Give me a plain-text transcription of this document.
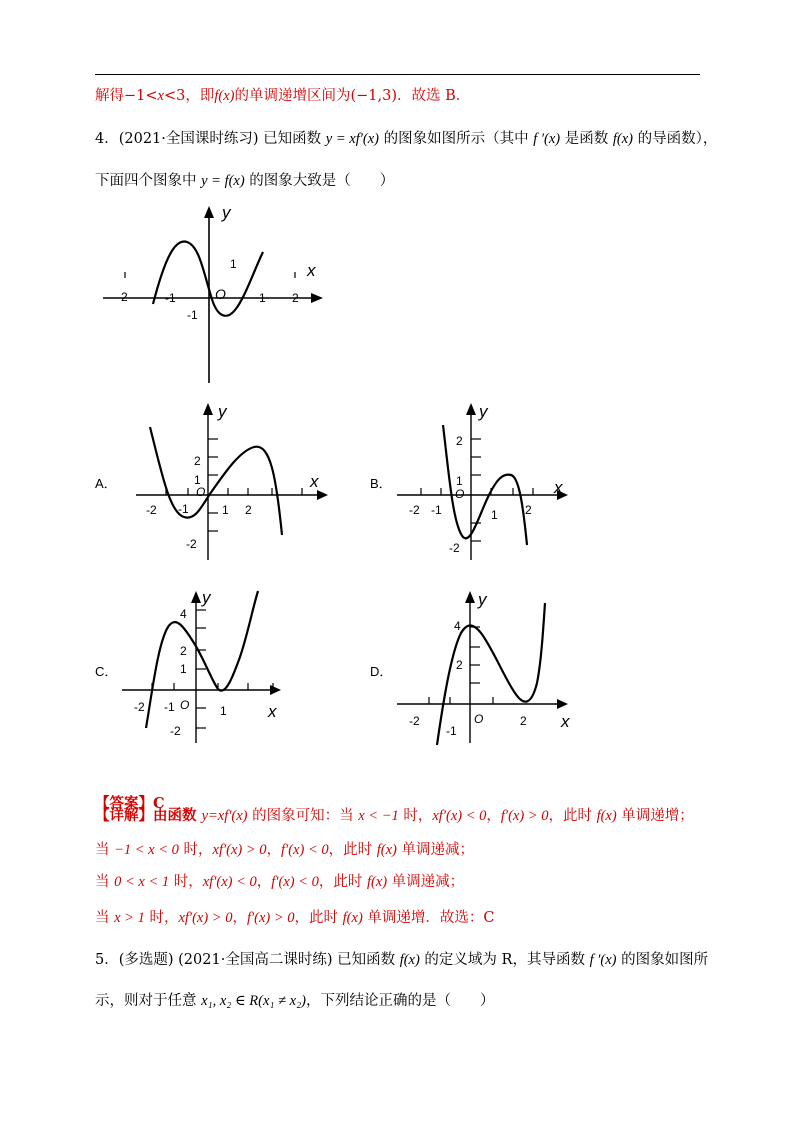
解得−1<x<3，即f(x)的单调递增区间为(−1,3)．故选 B．
4．(2021·全国课时练习) 已知函数 y = xf′(x) 的图象如图所示（其中 f ′(x) 是函数 f(x) 的导函数），
下面四个图象中 y = f(x) 的图象大致是（　　）
y
x
1
-2	-1	O	1 2
-1
A．
y
x
2
1
O
-2 -1	1 2
-2
B．
y
x
2
1
O
-2 -1	1 2
-2
C．
y
x
4
2
1
O
-2 -1	1
-2
D．
y
x
4
2
O
-2
-1
2
【答案】C
【详解】由函数 y=xf′(x) 的图象可知：当 x < −1 时，xf′(x) < 0，f′(x) > 0，此时 f(x) 单调递增；
当 −1 < x < 0 时，xf′(x) > 0，f′(x) < 0，此时 f(x) 单调递减；
当 0 < x < 1 时，xf′(x) < 0，f′(x) < 0，此时 f(x) 单调递减；
当 x > 1 时，xf′(x) > 0，f′(x) > 0，此时 f(x) 单调递增．故选：C
5．(多选题) (2021·全国高二课时练) 已知函数 f(x) 的定义域为 R，其导函数 f ′(x) 的图象如图所
示，则对于任意 x₁, x₂ ∈ R(x₁ ≠ x₂)，下列结论正确的是（　　）
